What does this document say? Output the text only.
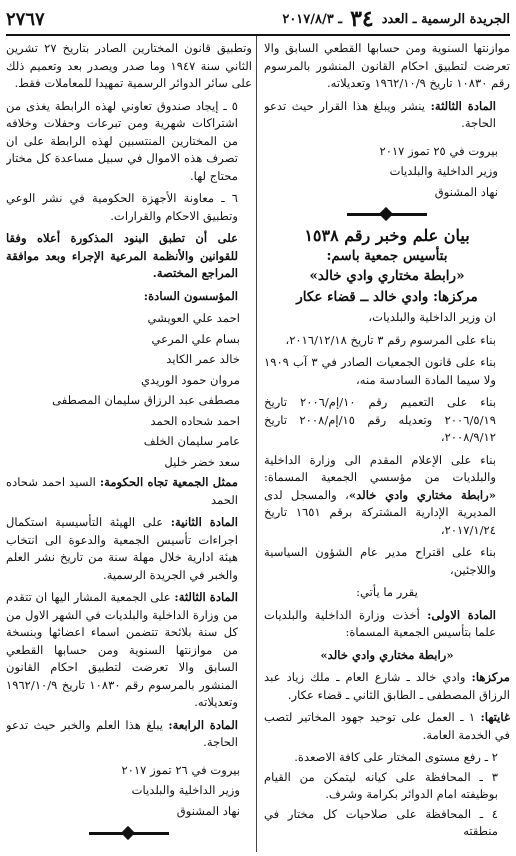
الجريدة الرسمية ـ العدد
٣٤
ـ ٢٠١٧/٨/٣
٢٧٦٧

موازنتها السنوية ومن حسابها القطعي السابق والا تعرضت لتطبيق احكام القانون المنشور بالمرسوم رقم ١٠٨٣٠ تاريخ ١٩٦٢/١٠/٩ وتعديلاته.

المادة الثالثة: ينشر ويبلغ هذا القرار حيث تدعو الحاجة.

بيروت في ٢٥ تموز ٢٠١٧

وزير الداخلية والبلديات

نهاد المشنوق

بيان علم وخبر رقم ١٥٣٨
بتأسيس جمعية باسم:
«رابطة مختاري وادي خالد»
مركزها: وادي خالد ــ قضاء عكار

ان وزير الداخلية والبلديات،

بناء على المرسوم رقم ٣ تاريخ ٢٠١٦/١٢/١٨،

بناء على قانون الجمعيات الصادر في ٣ آب ١٩٠٩ ولا سيما المادة السادسة منه،

بناء على التعميم رقم ١٠/إم/٢٠٠٦ تاريخ ٢٠٠٦/٥/١٩ وتعديله رقم ١٥/إم/٢٠٠٨ تاريخ ٢٠٠٨/٩/١٢،

بناء على الإعلام المقدم الى وزارة الداخلية والبلديات من مؤسسي الجمعية المسماة: «رابطة مختاري وادي خالد»، والمسجل لدى المديرية الإدارية المشتركة برقم ١٦٥١ تاريخ ٢٠١٧/١/٢٤،

بناء على اقتراح مدير عام الشؤون السياسية واللاجئين،

يقرر ما يأتي:

المادة الاولى: أخذت وزارة الداخلية والبلديات علما بتأسيس الجمعية المسماة:

«رابطة مختاري وادي خالد»

مركزها: وادي خالد ـ شارع العام ـ ملك زياد عبد الرزاق المصطفى ـ الطابق الثاني ـ قضاء عكار.

غايتها: ١ ـ العمل على توحيد جهود المخاتير لتصب في الخدمة العامة.

٢ ـ رفع مستوى المختار على كافة الاصعدة.

٣ ـ المحافظة على كيانه ليتمكن من القيام بوظيفته امام الدوائر بكرامة وشرف.

٤ ـ المحافظة على صلاحيات كل مختار في منطقته

وتطبيق قانون المختارين الصادر بتاريخ ٢٧ تشرين الثاني سنة ١٩٤٧ وما صدر ويصدر بعد وتعميم ذلك على سائر الدوائر الرسمية تمهيدا للمعاملات فقط.

٥ ـ إيجاد صندوق تعاوني لهذه الرابطة يغذى من اشتراكات شهرية ومن تبرعات وحفلات وخلافه من المختارين المنتسبين لهذه الرابطة على ان تصرف هذه الاموال في سبيل مساعدة كل مختار محتاج لها.

٦ ـ معاونة الأجهزة الحكومية في نشر الوعي وتطبيق الاحكام والقرارات.

على أن تطبق البنود المذكورة أعلاه وفقا للقوانين والأنظمة المرعية الإجراء وبعد موافقة المراجع المختصة.

المؤسسون السادة:

احمد علي العويشي

بسام علي المرعي

خالد عمر الكايد

مروان حمود الوريدي

مصطفى عبد الرزاق سليمان المصطفى

احمد شحاده الحمد

عامر سليمان الخلف

سعد خضر خليل

ممثل الجمعية تجاه الحكومة: السيد احمد شحاده الحمد

المادة الثانية: على الهيئة التأسيسية استكمال اجراءات تأسيس الجمعية والدعوة الى انتخاب هيئة ادارية خلال مهلة سنة من تاريخ نشر العلم والخبر في الجريدة الرسمية.

المادة الثالثة: على الجمعية المشار اليها ان تتقدم من وزارة الداخلية والبلديات في الشهر الاول من كل سنة بلائحة تتضمن اسماء اعضائها وبنسخة من موازنتها السنوية ومن حسابها القطعي السابق والا تعرضت لتطبيق احكام القانون المنشور بالمرسوم رقم ١٠٨٣٠ تاريخ ١٩٦٢/١٠/٩ وتعديلاته.

المادة الرابعة: يبلغ هذا العلم والخبر حيث تدعو الحاجة.

بيروت في ٢٦ تموز ٢٠١٧

وزير الداخلية والبلديات

نهاد المشنوق
